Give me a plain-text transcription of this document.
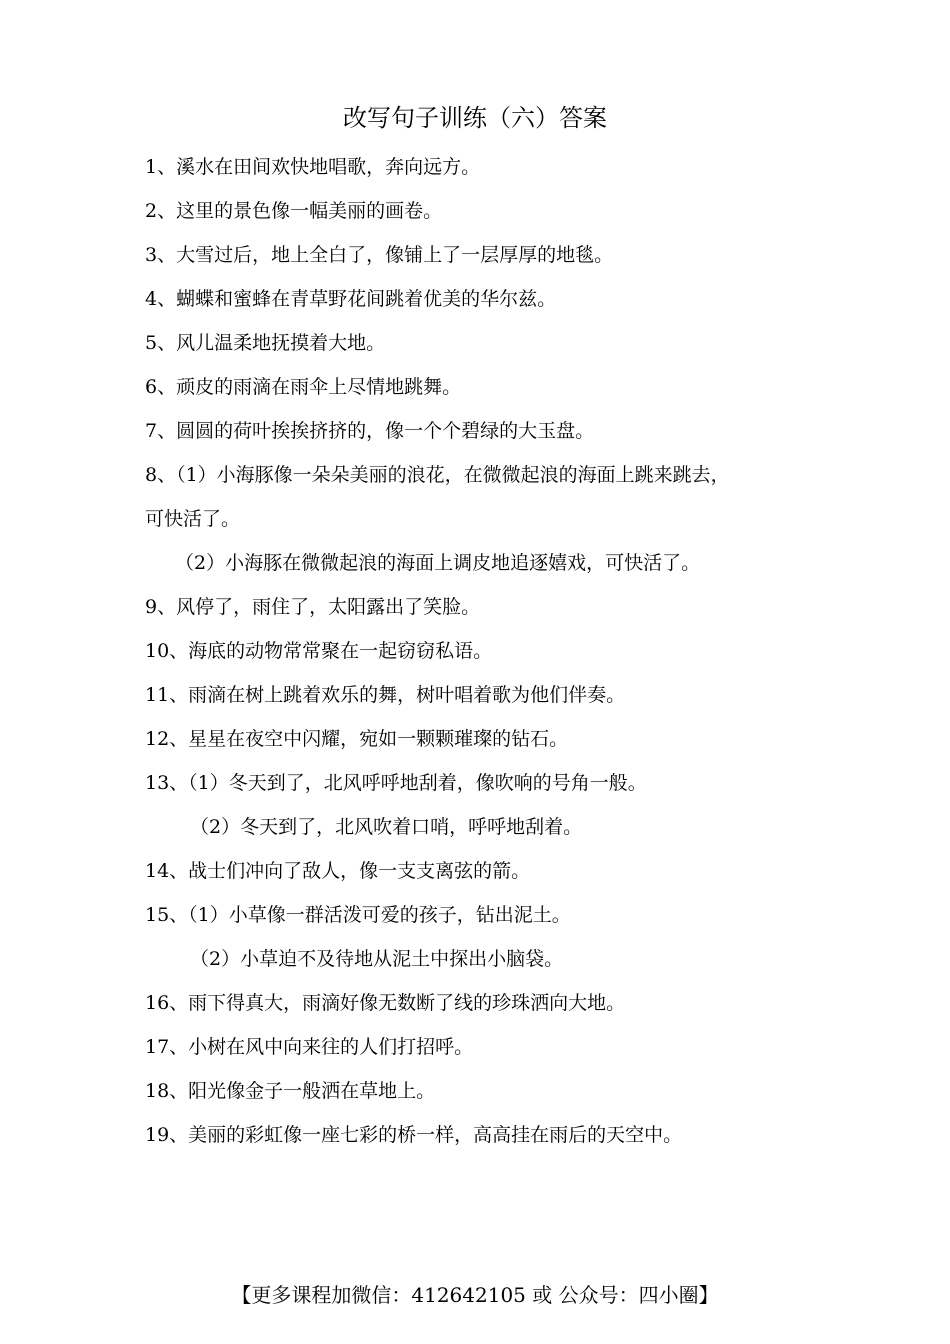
改写句子训练（六）答案
1、溪水在田间欢快地唱歌，奔向远方。
2、这里的景色像一幅美丽的画卷。
3、大雪过后，地上全白了，像铺上了一层厚厚的地毯。
4、蝴蝶和蜜蜂在青草野花间跳着优美的华尔兹。
5、风儿温柔地抚摸着大地。
6、顽皮的雨滴在雨伞上尽情地跳舞。
7、圆圆的荷叶挨挨挤挤的，像一个个碧绿的大玉盘。
8、（1）小海豚像一朵朵美丽的浪花，在微微起浪的海面上跳来跳去，
可快活了。
（2）小海豚在微微起浪的海面上调皮地追逐嬉戏，可快活了。
9、风停了，雨住了，太阳露出了笑脸。
10、海底的动物常常聚在一起窃窃私语。
11、雨滴在树上跳着欢乐的舞，树叶唱着歌为他们伴奏。
12、星星在夜空中闪耀，宛如一颗颗璀璨的钻石。
13、（1）冬天到了，北风呼呼地刮着，像吹响的号角一般。
（2）冬天到了，北风吹着口哨，呼呼地刮着。
14、战士们冲向了敌人，像一支支离弦的箭。
15、（1）小草像一群活泼可爱的孩子，钻出泥土。
（2）小草迫不及待地从泥土中探出小脑袋。
16、雨下得真大，雨滴好像无数断了线的珍珠洒向大地。
17、小树在风中向来往的人们打招呼。
18、阳光像金子一般洒在草地上。
19、美丽的彩虹像一座七彩的桥一样，高高挂在雨后的天空中。
【更多课程加微信：412642105 或 公众号：四小圈】
